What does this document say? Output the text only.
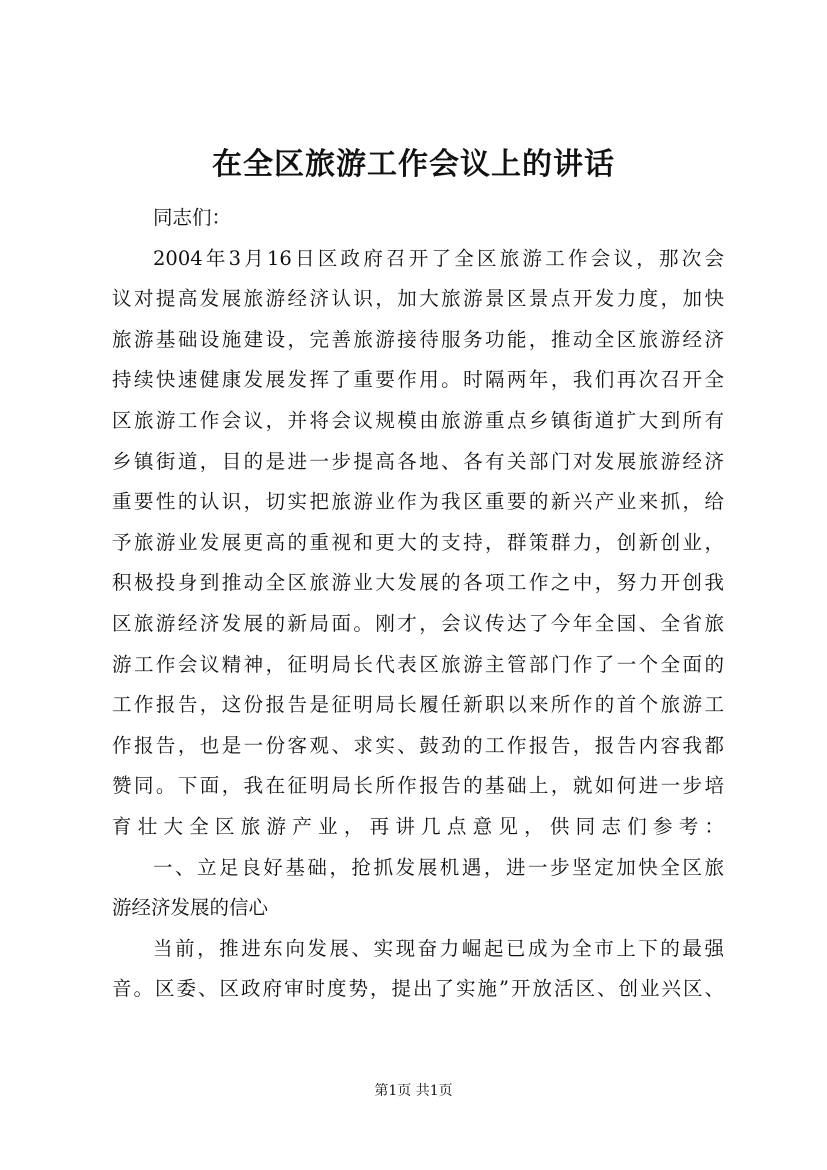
在全区旅游工作会议上的讲话
同志们：
2004年3月16日区政府召开了全区旅游工作会议，那次会
议对提高发展旅游经济认识，加大旅游景区景点开发力度，加快
旅游基础设施建设，完善旅游接待服务功能，推动全区旅游经济
持续快速健康发展发挥了重要作用。时隔两年，我们再次召开全
区旅游工作会议，并将会议规模由旅游重点乡镇街道扩大到所有
乡镇街道，目的是进一步提高各地、各有关部门对发展旅游经济
重要性的认识，切实把旅游业作为我区重要的新兴产业来抓，给
予旅游业发展更高的重视和更大的支持，群策群力，创新创业，
积极投身到推动全区旅游业大发展的各项工作之中，努力开创我
区旅游经济发展的新局面。刚才，会议传达了今年全国、全省旅
游工作会议精神，征明局长代表区旅游主管部门作了一个全面的
工作报告，这份报告是征明局长履任新职以来所作的首个旅游工
作报告，也是一份客观、求实、鼓劲的工作报告，报告内容我都
赞同。下面，我在征明局长所作报告的基础上，就如何进一步培
育壮大全区旅游产业，再讲几点意见，供同志们参考：
一、立足良好基础，抢抓发展机遇，进一步坚定加快全区旅
游经济发展的信心
当前，推进东向发展、实现奋力崛起已成为全市上下的最强
音。区委、区政府审时度势，提出了实施”开放活区、创业兴区、
第1页 共1页
